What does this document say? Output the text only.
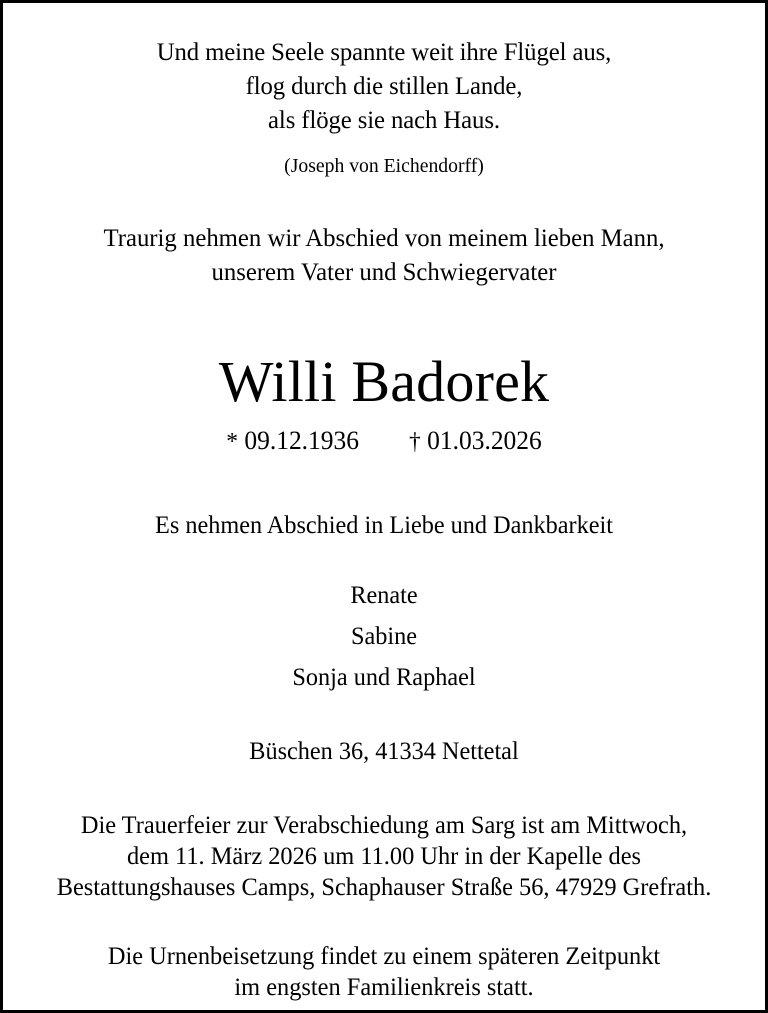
Und meine Seele spannte weit ihre Flügel aus,
flog durch die stillen Lande,
als flöge sie nach Haus.
(Joseph von Eichendorff)
Traurig nehmen wir Abschied von meinem lieben Mann,
unserem Vater und Schwiegervater
Willi Badorek
* 09.12.1936 † 01.03.2026
Es nehmen Abschied in Liebe und Dankbarkeit
Renate
Sabine
Sonja und Raphael
Büschen 36, 41334 Nettetal
Die Trauerfeier zur Verabschiedung am Sarg ist am Mittwoch,
dem 11. März 2026 um 11.00 Uhr in der Kapelle des
Bestattungshauses Camps, Schaphauser Straße 56, 47929 Grefrath.
Die Urnenbeisetzung findet zu einem späteren Zeitpunkt
im engsten Familienkreis statt.
